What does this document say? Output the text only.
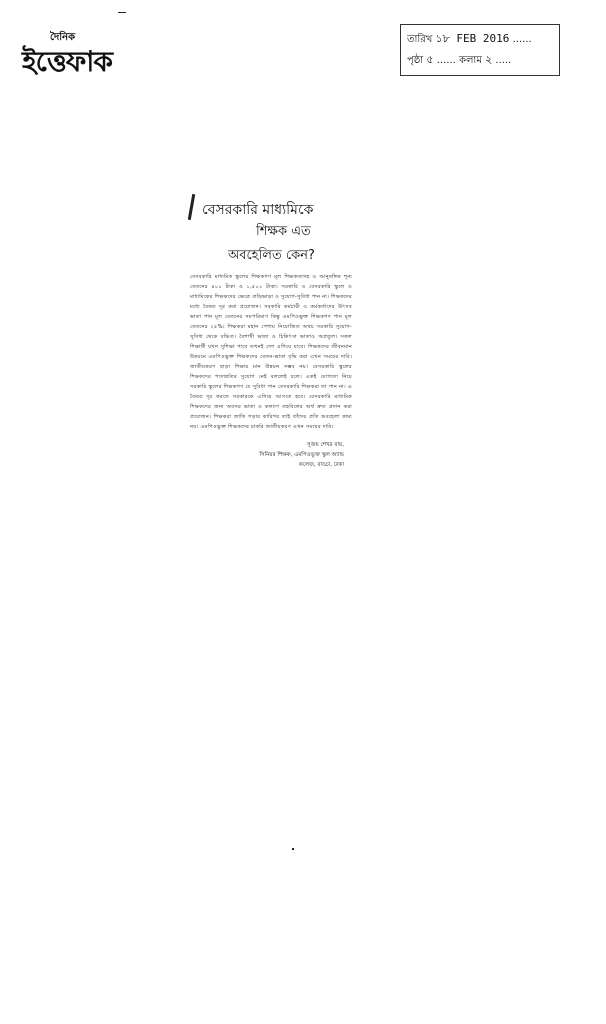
দৈনিক
ইত্তেফাক
তারিখ ১৮ FEB 2016 ......
পৃষ্ঠা ৫ ...... কলাম ২ .....
বেসরকারি মাধ্যমিকে
শিক্ষক এত
অবহেলিত কেন?
বেসরকারি মাধ্যমিক স্কুলের শিক্ষকগণ মূল শিক্ষকতাসহ ও আনুষঙ্গিক শূন্য বেতনের ৪০০ টাকা ও ১,৫০০ টাকা। সরকারি ও বেসরকারি স্কুলে ও মাধ্যমিকের শিক্ষকদের ক্ষেত্রে বাড়িভাড়া ও সুযোগ-সুবিধা পান না। শিক্ষকদের মধ্যে বৈষম্য দূর করা প্রয়োজন। সরকারি কর্মচারী ও কর্মকর্তাদের উৎসব ভাতা পান মূল বেতনের সমপরিমাণ কিন্তু এমপিওভুক্ত শিক্ষকগণ পান মূল বেতনের ২৫%। শিক্ষকরা মহান পেশায় নিয়োজিত অথচ সরকারি সুযোগ-সুবিধা থেকে বঞ্চিত। বৈশাখী ভাতা ও চিকিৎসা ভাতাও অপ্রতুল। সকল শিক্ষার্থী যখন সুশিক্ষা পাবে তখনই দেশ এগিয়ে যাবে। শিক্ষকদের জীবনমান উন্নয়নে এমপিওভুক্ত শিক্ষকদের বেতন-ভাতা বৃদ্ধি করা এখন সময়ের দাবি। জাতীয়করণ ছাড়া শিক্ষার মান উন্নয়ন সম্ভব নয়। বেসরকারি স্কুলের শিক্ষকদের পদোন্নতির সুযোগ নেই বললেই চলে। একই যোগ্যতা নিয়ে সরকারি স্কুলের শিক্ষকগণ যে সুবিধা পান বেসরকারি শিক্ষকরা তা পান না। এ বৈষম্য দূর করতে সরকারকে এগিয়ে আসতে হবে। বেসরকারি মাধ্যমিক শিক্ষকদের জন্য অবসর ভাতা ও কল্যাণ তহবিলের অর্থ দ্রুত প্রদান করা প্রয়োজন। শিক্ষকরা জাতি গড়ার কারিগর তাই তাঁদের প্রতি অবহেলা কাম্য নয়। এমপিওভুক্ত শিক্ষকদের চাকরি জাতীয়করণ এখন সময়ের দাবি।
সুজয় শেখর রায়,
সিনিয়র শিক্ষক, এমপিওভুক্ত স্কুল অ্যান্ড
কলেজ, বাড্ডা, ঢাকা
